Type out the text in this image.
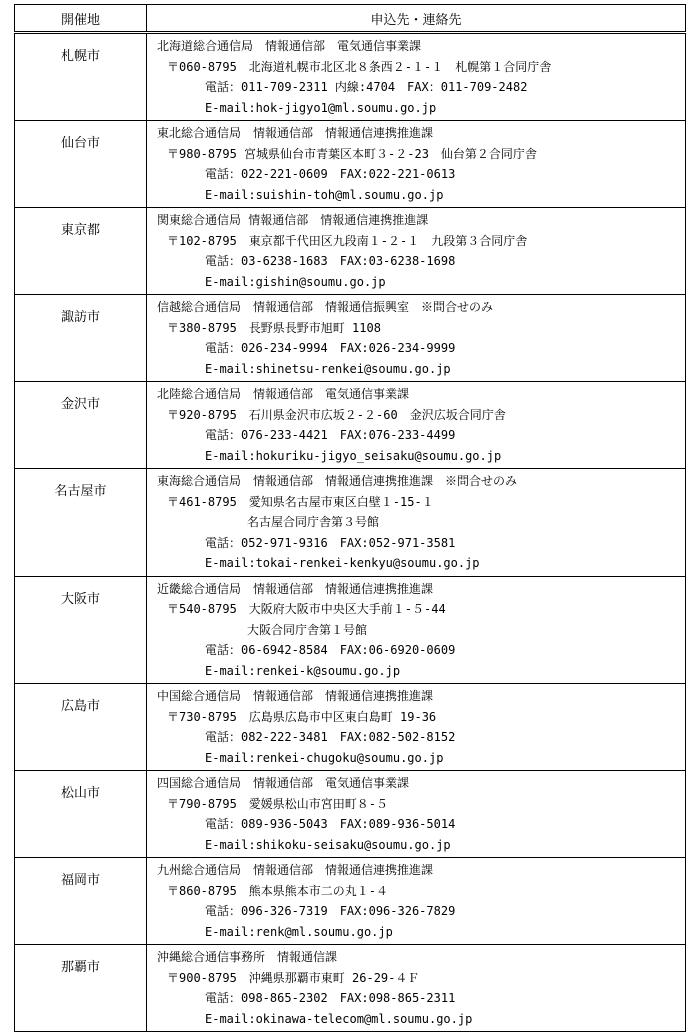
開催地	申込先・連絡先
札幌市	北海道総合通信局　情報通信部　電気通信事業課
〒060-8795　北海道札幌市北区北８条西２-１-１　札幌第１合同庁舎
電話：011-709-2311 内線:4704　FAX：011-709-2482
E-mail:hok-jigyo1@ml.soumu.go.jp

仙台市	東北総合通信局　情報通信部　情報通信連携推進課
〒980-8795 宮城県仙台市青葉区本町３-２-23　仙台第２合同庁舎
電話：022-221-0609　FAX:022-221-0613
E-mail:suishin-toh@ml.soumu.go.jp

東京都	関東総合通信局 情報通信部　情報通信連携推進課
〒102-8795　東京都千代田区九段南１-２-１　九段第３合同庁舎
電話：03-6238-1683　FAX:03-6238-1698
E-mail:gishin@soumu.go.jp

諏訪市	信越総合通信局　情報通信部　情報通信振興室　※問合せのみ
〒380-8795　長野県長野市旭町 1108
電話：026-234-9994　FAX:026-234-9999
E-mail:shinetsu-renkei@soumu.go.jp

金沢市	北陸総合通信局　情報通信部　電気通信事業課
〒920-8795　石川県金沢市広坂２-２-60　金沢広坂合同庁舎
電話：076-233-4421　FAX:076-233-4499
E-mail:hokuriku-jigyo_seisaku@soumu.go.jp

名古屋市	東海総合通信局　情報通信部　情報通信連携推進課　※問合せのみ
〒461-8795　愛知県名古屋市東区白壁１-15-１
名古屋合同庁舎第３号館
電話：052-971-9316　FAX:052-971-3581
E-mail:tokai-renkei-kenkyu@soumu.go.jp

大阪市	近畿総合通信局　情報通信部　情報通信連携推進課
〒540-8795　大阪府大阪市中央区大手前１-５-44
大阪合同庁舎第１号館
電話：06-6942-8584　FAX:06-6920-0609
E-mail:renkei-k@soumu.go.jp

広島市	中国総合通信局　情報通信部　情報通信連携推進課
〒730-8795　広島県広島市中区東白島町 19-36
電話：082-222-3481　FAX:082-502-8152
E-mail:renkei-chugoku@soumu.go.jp

松山市	四国総合通信局　情報通信部　電気通信事業課
〒790-8795　愛媛県松山市宮田町８-５
電話：089-936-5043　FAX:089-936-5014
E-mail:shikoku-seisaku@soumu.go.jp

福岡市	九州総合通信局　情報通信部　情報通信連携推進課
〒860-8795　熊本県熊本市二の丸１-４
電話：096-326-7319　FAX:096-326-7829
E-mail:renk@ml.soumu.go.jp

那覇市	沖縄総合通信事務所　情報通信課
〒900-8795　沖縄県那覇市東町 26-29-４Ｆ
電話：098-865-2302　FAX:098-865-2311
E-mail:okinawa-telecom@ml.soumu.go.jp
